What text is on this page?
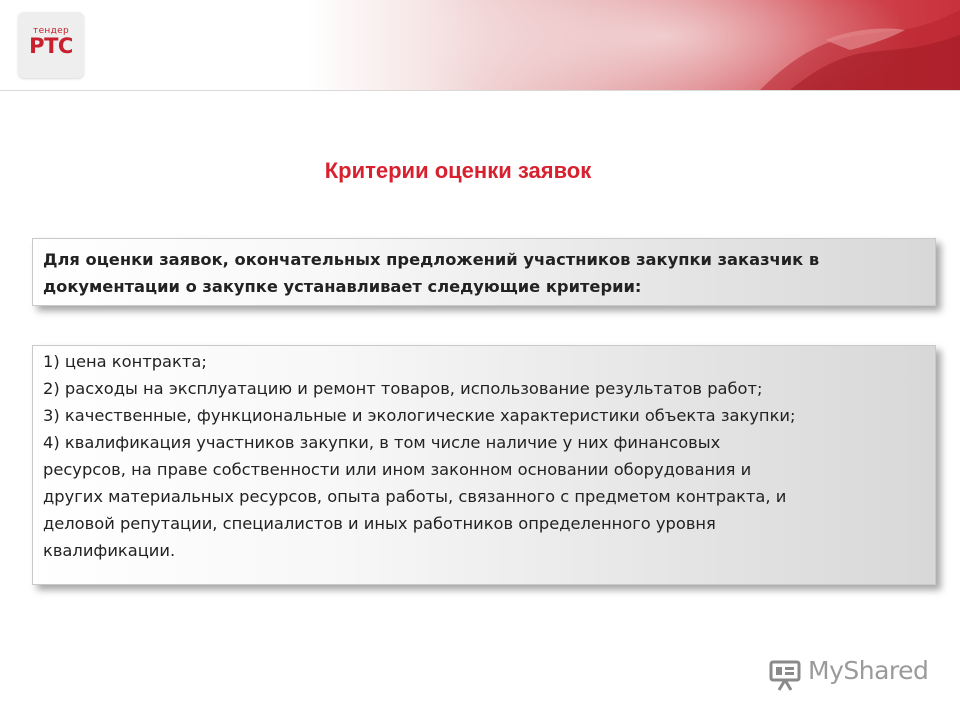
тендер
РТС
Критерии оценки заявок
Для оценки заявок, окончательных предложений участников закупки заказчик в
документации о закупке устанавливает следующие критерии:
1) цена контракта;
2) расходы на эксплуатацию и ремонт товаров, использование результатов работ;
3) качественные, функциональные и экологические характеристики объекта закупки;
4) квалификация участников закупки, в том числе наличие у них финансовых
ресурсов, на праве собственности или ином законном основании оборудования и
других материальных ресурсов, опыта работы, связанного с предметом контракта, и
деловой репутации, специалистов и иных работников определенного уровня
квалификации.
MyShared
